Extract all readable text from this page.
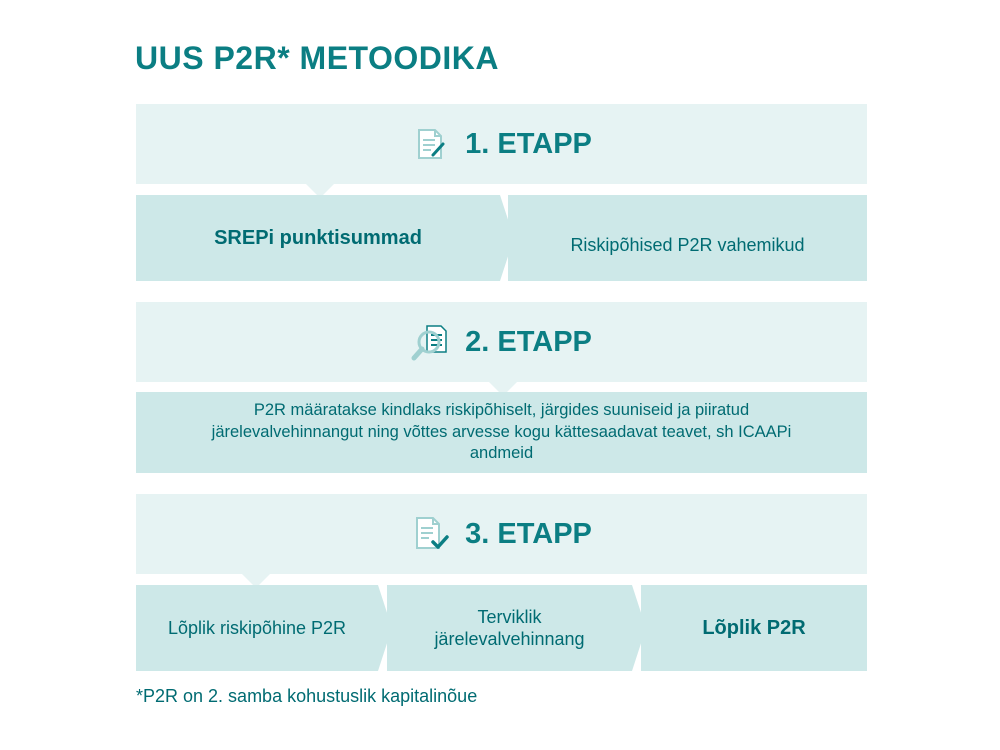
UUS P2R* METOODIKA
1. ETAPP
SREPi punktisummad	Riskipõhised P2R vahemikud
2. ETAPP
P2R määratakse kindlaks riskipõhiselt, järgides suuniseid ja piiratud järelevalvehinnangut ning võttes arvesse kogu kättesaadavat teavet, sh ICAAPi andmeid
3. ETAPP
Lõplik riskipõhine P2R
Terviklik järelevalvehinnang
Lõplik P2R
*P2R on 2. samba kohustuslik kapitalinõue
